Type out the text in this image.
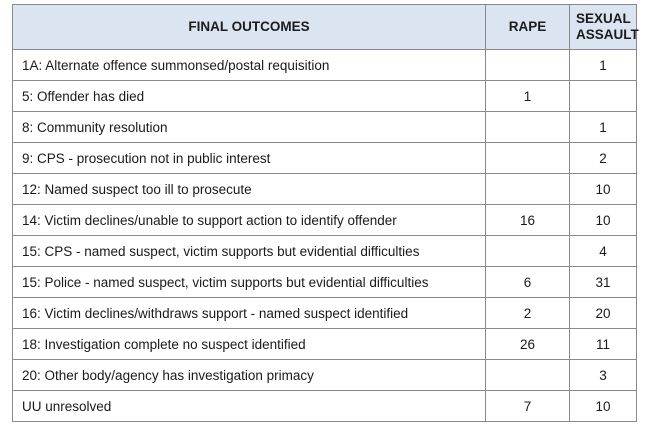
FINAL OUTCOMES	RAPE	SEXUAL
ASSAULT
1A: Alternate offence summonsed/postal requisition		1
5: Offender has died	1	
8: Community resolution		1
9: CPS - prosecution not in public interest		2
12: Named suspect too ill to prosecute		10
14: Victim declines/unable to support action to identify offender	16	10
15: CPS - named suspect, victim supports but evidential difficulties		4
15: Police - named suspect, victim supports but evidential difficulties	6	31
16: Victim declines/withdraws support - named suspect identified	2	20
18: Investigation complete no suspect identified	26	11
20: Other body/agency has investigation primacy		3
UU unresolved	7	10
